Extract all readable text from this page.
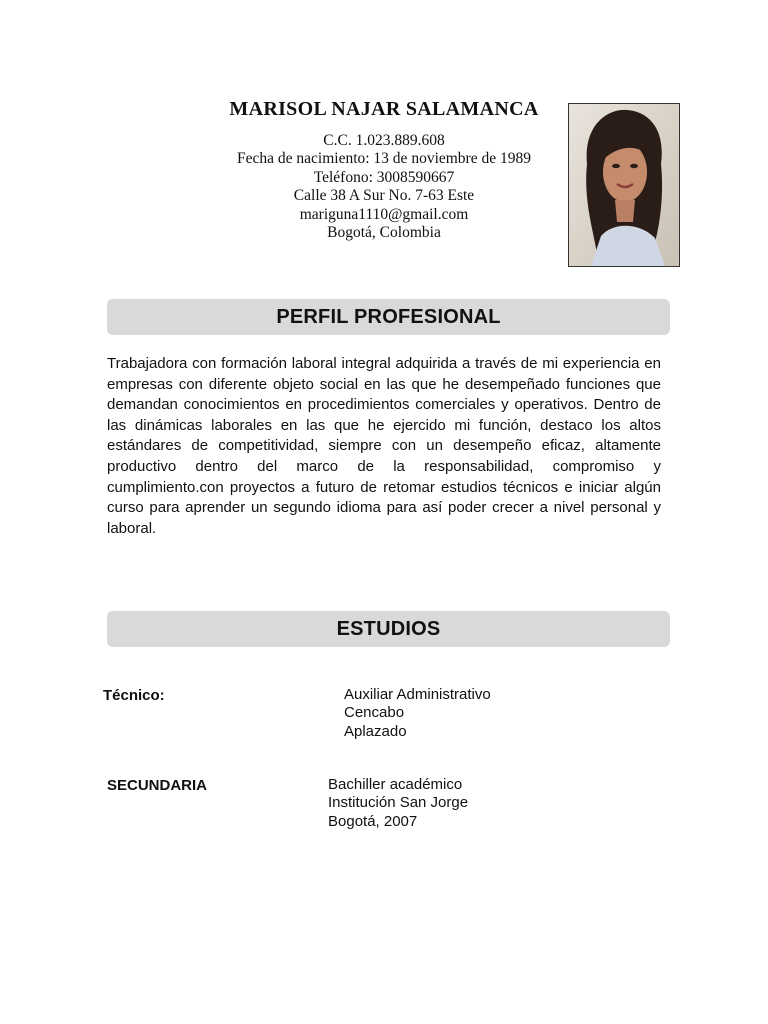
MARISOL NAJAR SALAMANCA
C.C. 1.023.889.608
Fecha de nacimiento: 13 de noviembre de 1989
Teléfono: 3008590667
Calle 38 A Sur No. 7-63 Este
mariguna1110@gmail.com
Bogotá, Colombia
PERFIL PROFESIONAL

Trabajadora con formación laboral integral adquirida a través de mi experiencia en empresas con diferente objeto social en las que he desempeñado funciones que demandan conocimientos en procedimientos comerciales y operativos. Dentro de las dinámicas laborales en las que he ejercido mi función, destaco los altos estándares de competitividad, siempre con un desempeño eficaz, altamente productivo dentro del marco de la responsabilidad, compromiso y cumplimiento.con proyectos a futuro de retomar estudios técnicos e iniciar algún curso para aprender un segundo idioma para así poder crecer a nivel personal y laboral.

ESTUDIOS
Técnico:	Auxiliar Administrativo
Cencabo
Aplazado
SECUNDARIA	Bachiller académico
Institución San Jorge
Bogotá, 2007
